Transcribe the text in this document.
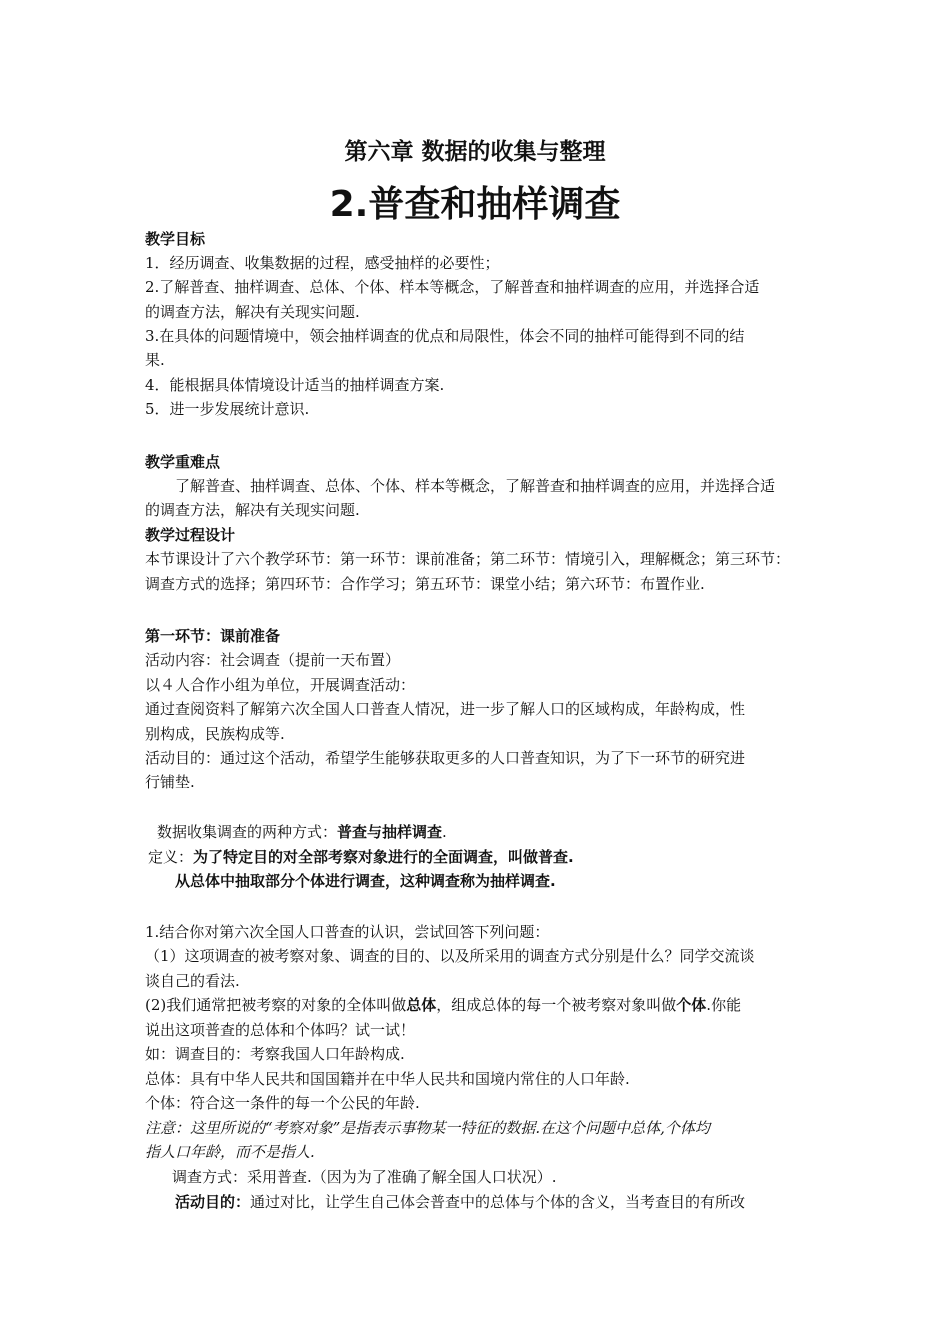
第六章 数据的收集与整理
2.普查和抽样调查
教学目标
1．经历调查、收集数据的过程，感受抽样的必要性；
2.了解普查、抽样调查、总体、个体、样本等概念，了解普查和抽样调查的应用，并选择合适
的调查方法，解决有关现实问题.
3.在具体的问题情境中，领会抽样调查的优点和局限性，体会不同的抽样可能得到不同的结
果.
4．能根据具体情境设计适当的抽样调查方案.
5．进一步发展统计意识.
教学重难点
了解普查、抽样调查、总体、个体、样本等概念，了解普查和抽样调查的应用，并选择合适
的调查方法，解决有关现实问题.
教学过程设计
本节课设计了六个教学环节：第一环节：课前准备；第二环节：情境引入，理解概念；第三环节：
调查方式的选择；第四环节：合作学习；第五环节：课堂小结；第六环节：布置作业.
第一环节：课前准备
活动内容：社会调查（提前一天布置）
以４人合作小组为单位，开展调查活动：
通过查阅资料了解第六次全国人口普查人情况，进一步了解人口的区域构成，年龄构成，性
别构成，民族构成等.
活动目的：通过这个活动，希望学生能够获取更多的人口普查知识，为了下一环节的研究进
行铺垫.
数据收集调查的两种方式：普查与抽样调查.
定义：为了特定目的对全部考察对象进行的全面调查，叫做普查.
从总体中抽取部分个体进行调查，这种调查称为抽样调查.
1.结合你对第六次全国人口普查的认识，尝试回答下列问题：
（1）这项调查的被考察对象、调查的目的、以及所采用的调查方式分别是什么？同学交流谈
谈自己的看法.
(2)我们通常把被考察的对象的全体叫做总体，组成总体的每一个被考察对象叫做个体.你能
说出这项普查的总体和个体吗？试一试！
如：调查目的：考察我国人口年龄构成.
总体：具有中华人民共和国国籍并在中华人民共和国境内常住的人口年龄.
个体：符合这一条件的每一个公民的年龄.
注意：这里所说的“考察对象”是指表示事物某一特征的数据.在这个问题中总体,个体均
指人口年龄，而不是指人.
调查方式：采用普查.（因为为了准确了解全国人口状况）.
活动目的：通过对比，让学生自己体会普查中的总体与个体的含义，当考查目的有所改
